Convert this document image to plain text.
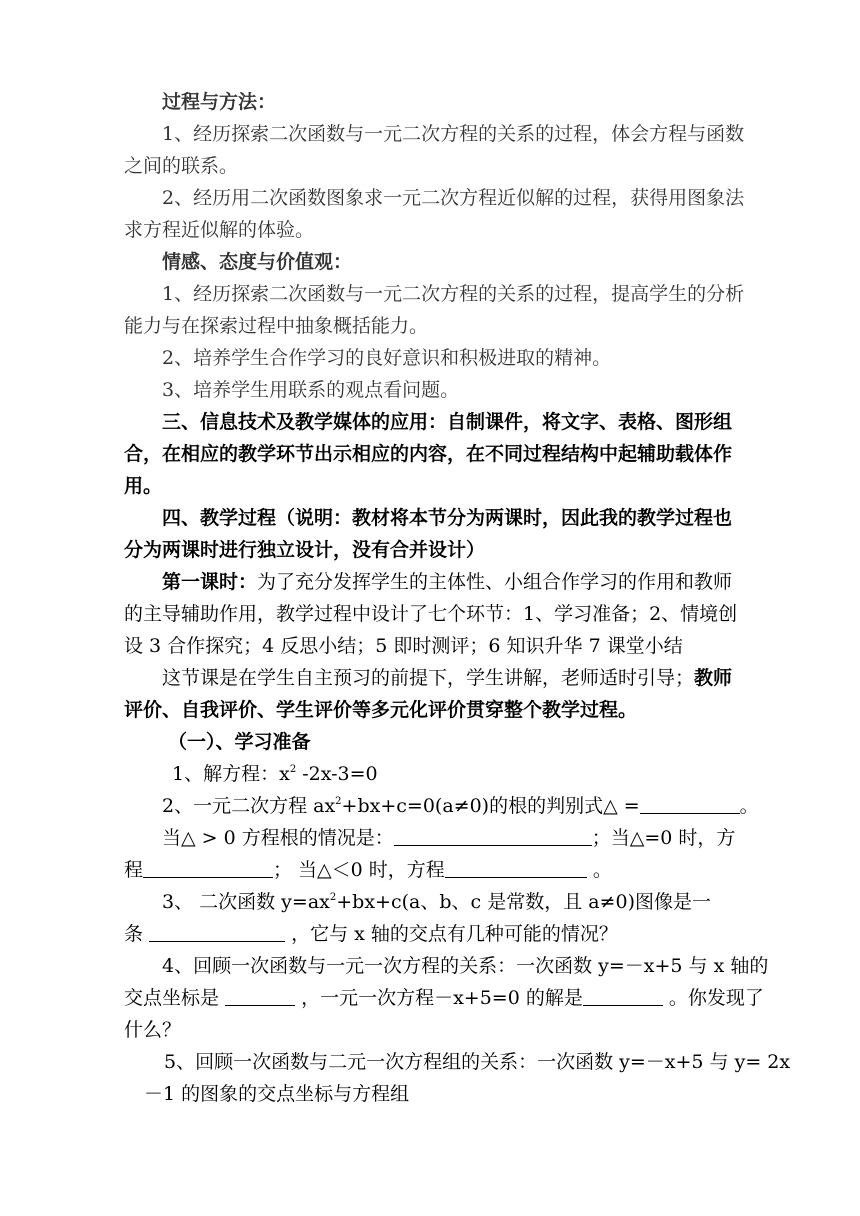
过程与方法：
1、经历探索二次函数与一元二次方程的关系的过程，体会方程与函数
之间的联系。
2、经历用二次函数图象求一元二次方程近似解的过程，获得用图象法
求方程近似解的体验。
情感、态度与价值观：
1、经历探索二次函数与一元二次方程的关系的过程，提高学生的分析
能力与在探索过程中抽象概括能力。
2、培养学生合作学习的良好意识和积极进取的精神。
3、培养学生用联系的观点看问题。
三、信息技术及教学媒体的应用：自制课件，将文字、表格、图形组
合，在相应的教学环节出示相应的内容，在不同过程结构中起辅助载体作
用。
四、教学过程（说明：教材将本节分为两课时，因此我的教学过程也
分为两课时进行独立设计，没有合并设计）
第一课时：为了充分发挥学生的主体性、小组合作学习的作用和教师
的主导辅助作用，教学过程中设计了七个环节：1、学习准备；2、情境创
设 3 合作探究；4 反思小结；5 即时测评；6 知识升华 7 课堂小结
这节课是在学生自主预习的前提下，学生讲解，老师适时引导；教师
评价、自我评价、学生评价等多元化评价贯穿整个教学过程。
（一）、学习准备
1、解方程：$x^2$ -2x-3=0
2、一元二次方程 $ax^2+bx+c=0(a\ne 0)$的根的判别式△ =	。
当△ > 0 方程根的情况是：	；当△=0 时，方
程	； 当△＜0 时，方程	。
3、 二次函数 $y=ax^2+bx+c(a$、b、c 是常数，且 a≠0)图像是一
条	，它与 x 轴的交点有几种可能的情况？
4、回顾一次函数与一元一次方程的关系：一次函数 y=－x+5 与 x 轴的
交点坐标是	，一元一次方程－x+5=0 的解是	。你发现了
什么？
5、回顾一次函数与二元一次方程组的关系：一次函数 y=－x+5 与 y= 2x
－1 的图象的交点坐标与方程组
